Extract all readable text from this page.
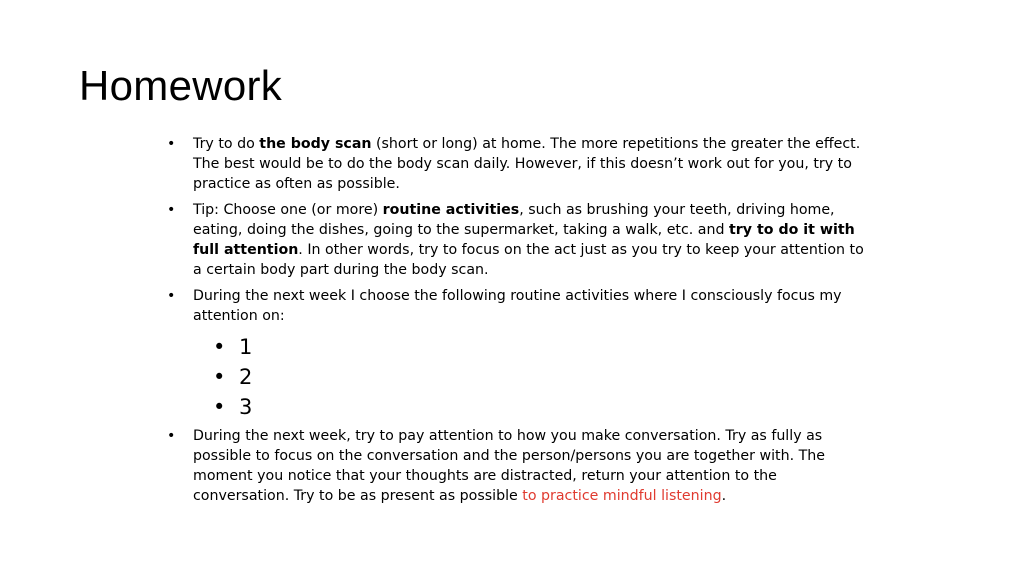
Homework
• Try to do the body scan (short or long) at home. The more repetitions the greater the effect. The best would be to do the body scan daily. However, if this doesn’t work out for you, try to practice as often as possible.
• Tip: Choose one (or more) routine activities, such as brushing your teeth, driving home, eating, doing the dishes, going to the supermarket, taking a walk, etc. and try to do it with full attention. In other words, try to focus on the act just as you try to keep your attention to a certain body part during the body scan.
• During the next week I choose the following routine activities where I consciously focus my attention on:
• 1
• 2
• 3
• During the next week, try to pay attention to how you make conversation. Try as fully as possible to focus on the conversation and the person/persons you are together with. The moment you notice that your thoughts are distracted, return your attention to the conversation. Try to be as present as possible to practice mindful listening.
